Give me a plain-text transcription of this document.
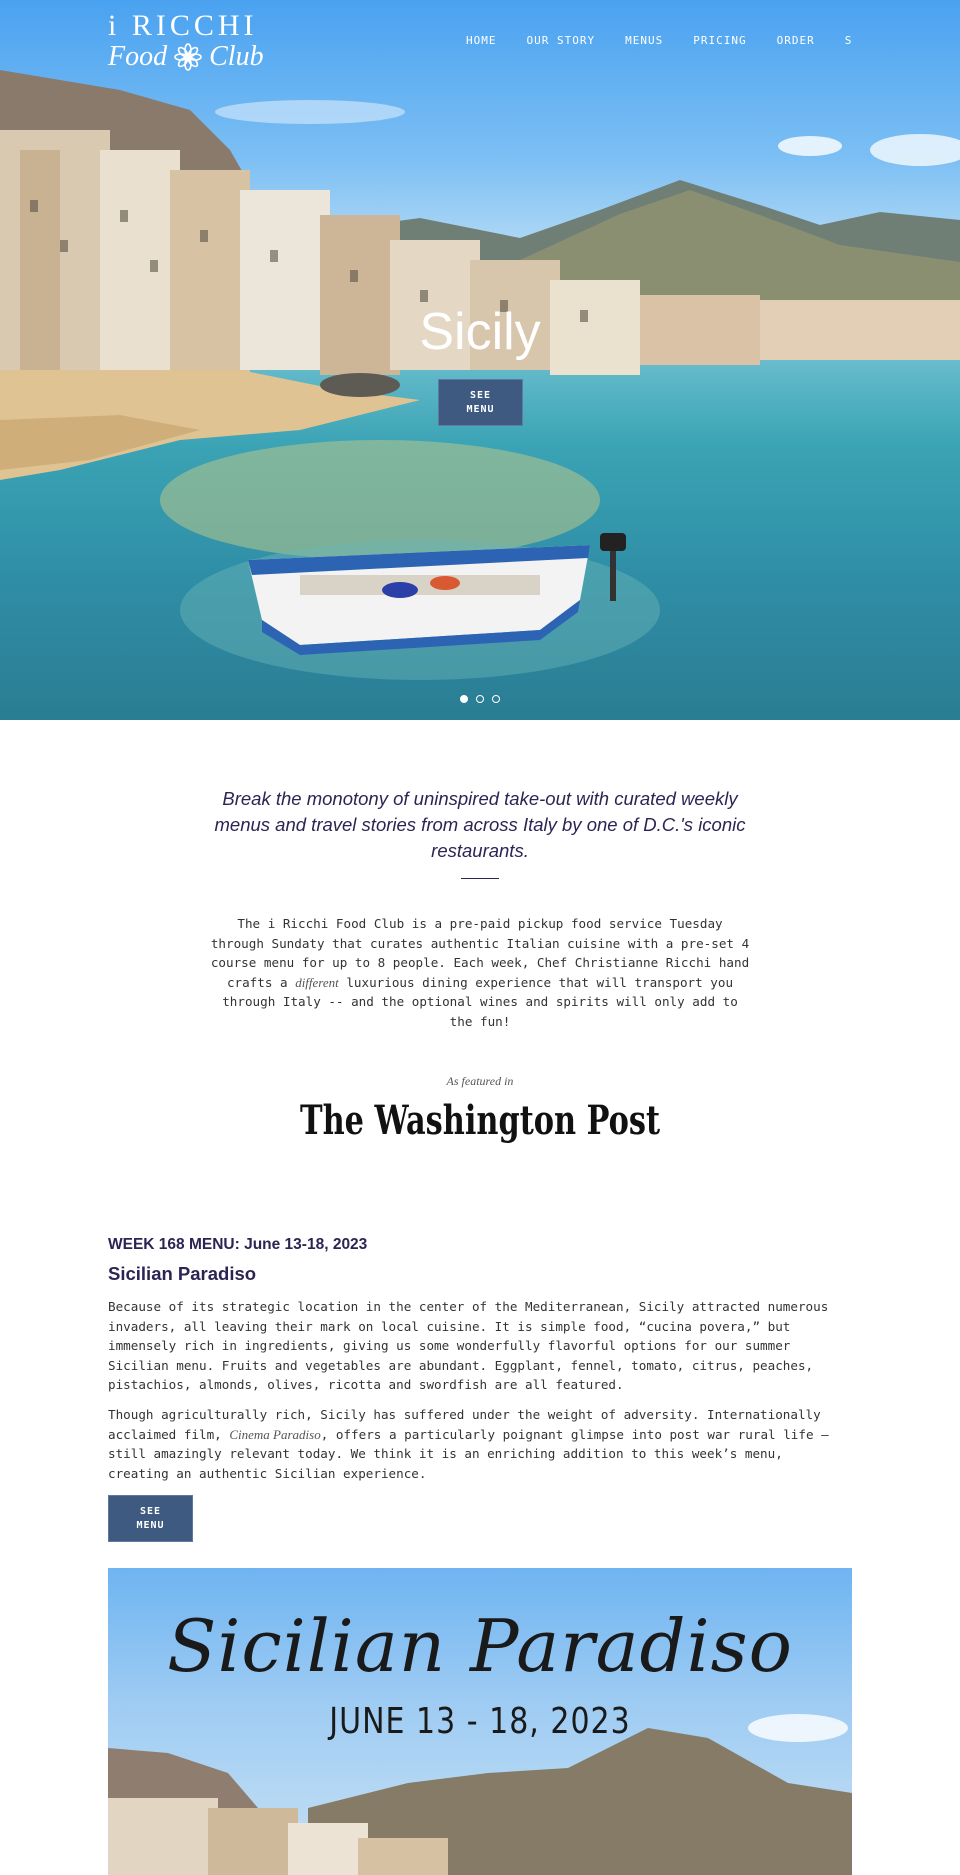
i RICCHI
Food Club
HOME	OUR STORY	MENUS	PRICING	ORDER	S
Sicily
SEE
MENU

Break the monotony of uninspired take-out with curated weekly menus and travel stories from across Italy by one of D.C.'s iconic restaurants.

The i Ricchi Food Club is a pre-paid pickup food service Tuesday through Sundaty that curates authentic Italian cuisine with a pre-set 4 course menu for up to 8 people. Each week, Chef Christianne Ricchi hand crafts a different luxurious dining experience that will transport you through Italy -- and the optional wines and spirits will only add to the fun!

As featured in
The Washington Post
WEEK 168 MENU: June 13-18, 2023
Sicilian Paradiso

Because of its strategic location in the center of the Mediterranean, Sicily attracted numerous invaders, all leaving their mark on local cuisine. It is simple food, “cucina povera,” but immensely rich in ingredients, giving us some wonderfully flavorful options for our summer Sicilian menu. Fruits and vegetables are abundant. Eggplant, fennel, tomato, citrus, peaches, pistachios, almonds, olives, ricotta and swordfish are all featured.

Though agriculturally rich, Sicily has suffered under the weight of adversity. Internationally acclaimed film, Cinema Paradiso, offers a particularly poignant glimpse into post war rural life – still amazingly relevant today. We think it is an enriching addition to this week’s menu, creating an authentic Sicilian experience.

SEE
MENU
Sicilian Paradiso
JUNE 13 - 18, 2023
